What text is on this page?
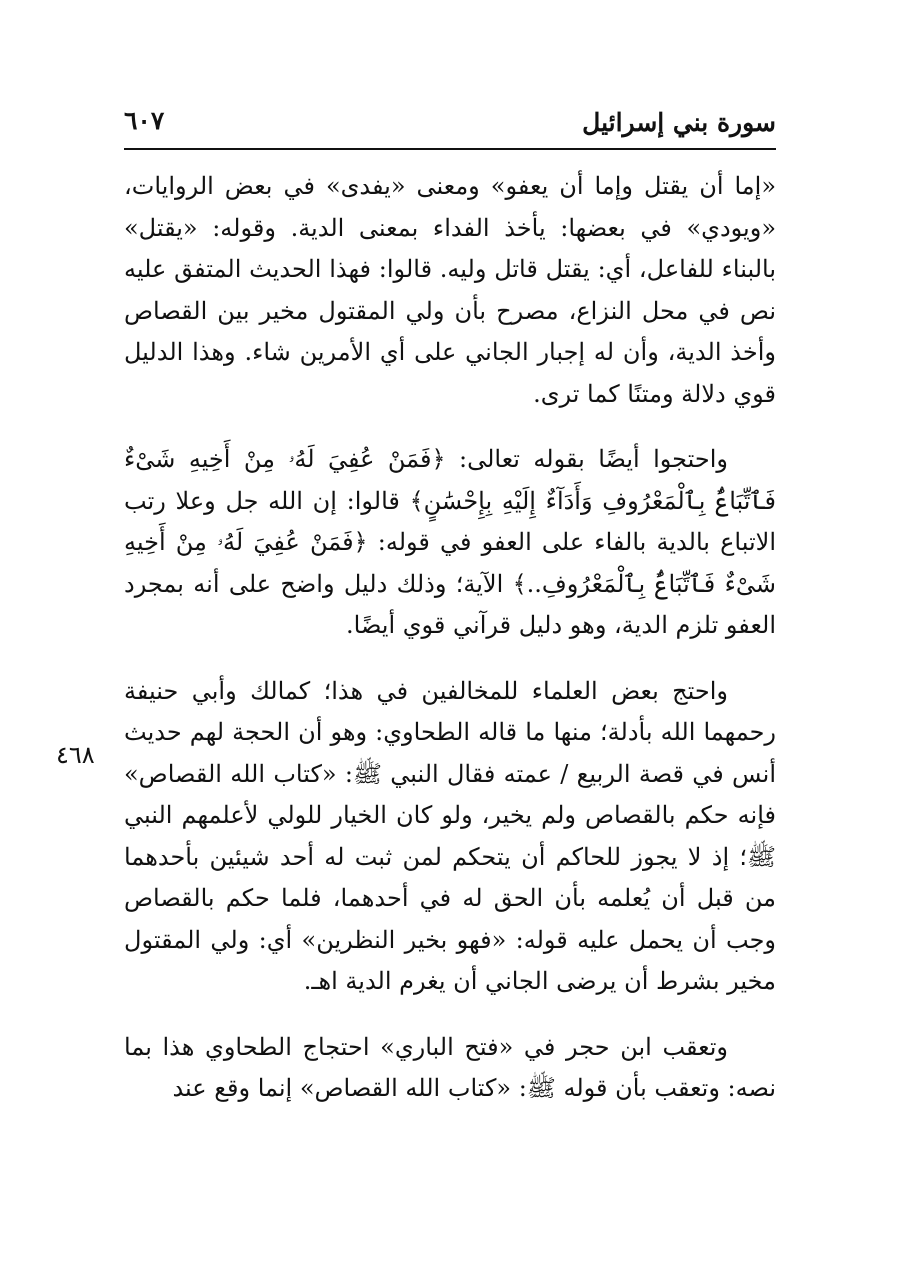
سورة بني إسرائيل
٦٠٧
٤٦٨

«إما أن يقتل وإما أن يعفو» ومعنى «يفدى» في بعض الروايات، «ويودي» في بعضها: يأخذ الفداء بمعنى الدية. وقوله: «يقتل» بالبناء للفاعل، أي: يقتل قاتل وليه. قالوا: فهذا الحديث المتفق عليه نص في محل النزاع، مصرح بأن ولي المقتول مخير بين القصاص وأخذ الدية، وأن له إجبار الجاني على أي الأمرين شاء. وهذا الدليل قوي دلالة ومتنًا كما ترى.

واحتجوا أيضًا بقوله تعالى: ﴿فَمَنْ عُفِيَ لَهُۥ مِنْ أَخِيهِ شَىْءٌ فَٱتِّبَاعٌۢ بِٱلْمَعْرُوفِ وَأَدَآءٌ إِلَيْهِ بِإِحْسَٰنٍ﴾ قالوا: إن الله جل وعلا رتب الاتباع بالدية بالفاء على العفو في قوله: ﴿فَمَنْ عُفِيَ لَهُۥ مِنْ أَخِيهِ شَىْءٌ فَٱتِّبَاعٌۢ بِٱلْمَعْرُوفِ..﴾ الآية؛ وذلك دليل واضح على أنه بمجرد العفو تلزم الدية، وهو دليل قرآني قوي أيضًا.

واحتج بعض العلماء للمخالفين في هذا؛ كمالك وأبي حنيفة رحمهما الله بأدلة؛ منها ما قاله الطحاوي: وهو أن الحجة لهم حديث أنس في قصة الربيع / عمته فقال النبي ﷺ: «كتاب الله القصاص» فإنه حكم بالقصاص ولم يخير، ولو كان الخيار للولي لأعلمهم النبي ﷺ؛ إذ لا يجوز للحاكم أن يتحكم لمن ثبت له أحد شيئين بأحدهما من قبل أن يُعلمه بأن الحق له في أحدهما، فلما حكم بالقصاص وجب أن يحمل عليه قوله: «فهو بخير النظرين» أي: ولي المقتول مخير بشرط أن يرضى الجاني أن يغرم الدية اهـ.

وتعقب ابن حجر في «فتح الباري» احتجاج الطحاوي هذا بما نصه: وتعقب بأن قوله ﷺ: «كتاب الله القصاص» إنما وقع عند
